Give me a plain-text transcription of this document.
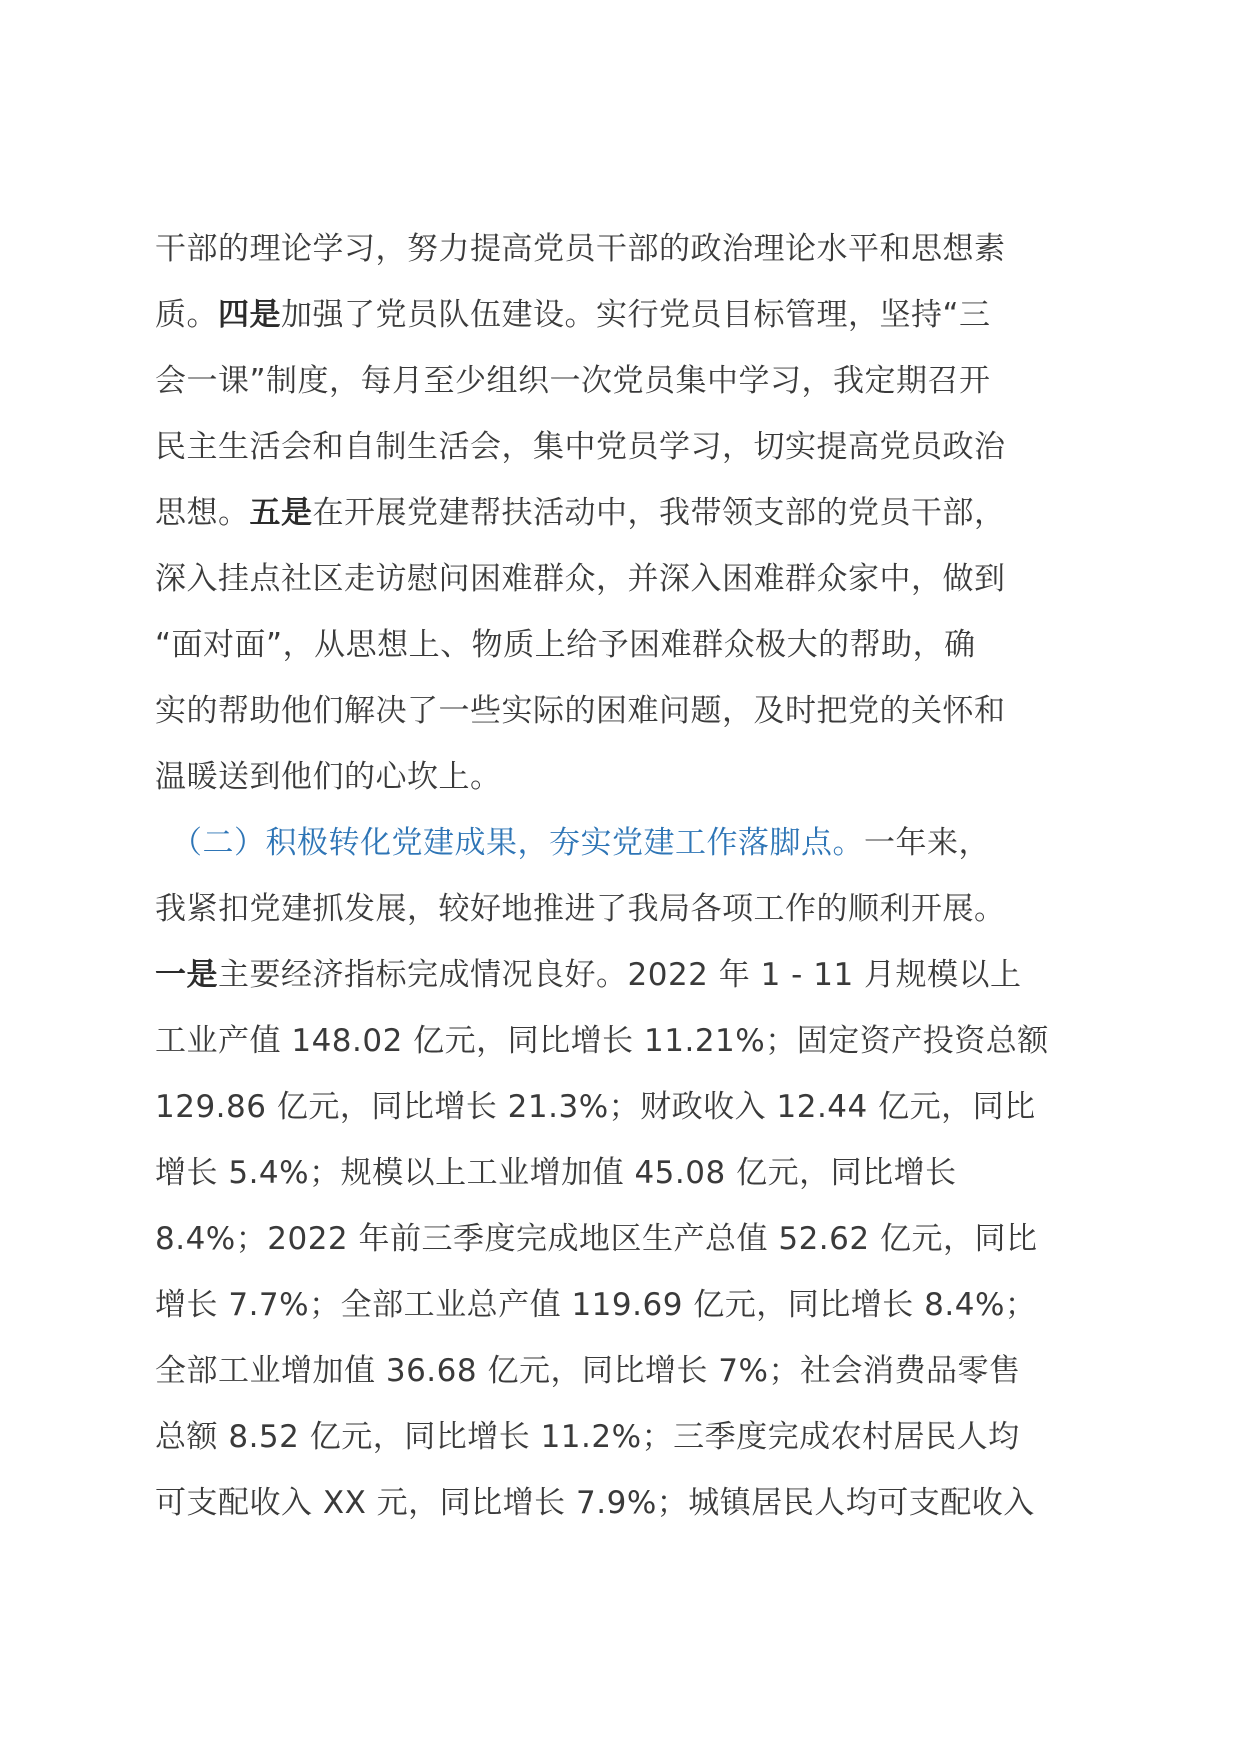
干部的理论学习，努力提高党员干部的政治理论水平和思想素
质。四是加强了党员队伍建设。实行党员目标管理，坚持“三
会一课”制度，每月至少组织一次党员集中学习，我定期召开
民主生活会和自制生活会，集中党员学习，切实提高党员政治
思想。五是在开展党建帮扶活动中，我带领支部的党员干部，
深入挂点社区走访慰问困难群众，并深入困难群众家中，做到
“面对面”，从思想上、物质上给予困难群众极大的帮助，确
实的帮助他们解决了一些实际的困难问题，及时把党的关怀和
温暖送到他们的心坎上。
　（二）积极转化党建成果，夯实党建工作落脚点。一年来，
我紧扣党建抓发展，较好地推进了我局各项工作的顺利开展。
一是主要经济指标完成情况良好。2022 年 1 - 11 月规模以上
工业产值 148.02 亿元，同比增长 11.21%；固定资产投资总额
129.86 亿元，同比增长 21.3%；财政收入 12.44 亿元，同比
增长 5.4%；规模以上工业增加值 45.08 亿元，同比增长
8.4%；2022 年前三季度完成地区生产总值 52.62 亿元，同比
增长 7.7%；全部工业总产值 119.69 亿元，同比增长 8.4%；
全部工业增加值 36.68 亿元，同比增长 7%；社会消费品零售
总额 8.52 亿元，同比增长 11.2%；三季度完成农村居民人均
可支配收入 XX 元，同比增长 7.9%；城镇居民人均可支配收入
